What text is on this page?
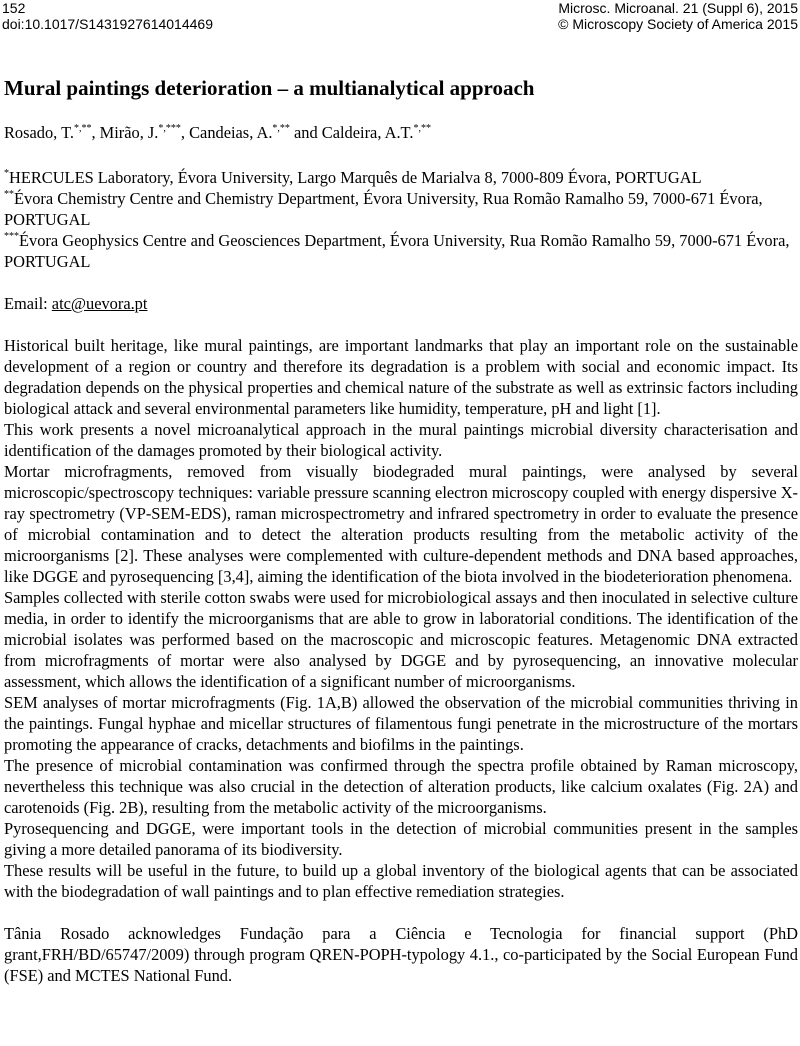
152
doi:10.1017/S1431927614014469
Microsc. Microanal. 21 (Suppl 6), 2015
© Microscopy Society of America 2015
Mural paintings deterioration – a multianalytical approach
Rosado, T.*,**, Mirão, J.*,***, Candeias, A.*,** and Caldeira, A.T.*,**
*HERCULES Laboratory, Évora University, Largo Marquês de Marialva 8, 7000-809 Évora, PORTUGAL
**Évora Chemistry Centre and Chemistry Department, Évora University, Rua Romão Ramalho 59, 7000-671 Évora, PORTUGAL
***Évora Geophysics Centre and Geosciences Department, Évora University, Rua Romão Ramalho 59, 7000-671 Évora, PORTUGAL
Email: atc@uevora.pt

Historical built heritage, like mural paintings, are important landmarks that play an important role on the sustainable development of a region or country and therefore its degradation is a problem with social and economic impact. Its degradation depends on the physical properties and chemical nature of the substrate as well as extrinsic factors including biological attack and several environmental parameters like humidity, temperature, pH and light [1].

This work presents a novel microanalytical approach in the mural paintings microbial diversity characterisation and identification of the damages promoted by their biological activity.

Mortar microfragments, removed from visually biodegraded mural paintings, were analysed by several microscopic/spectroscopy techniques: variable pressure scanning electron microscopy coupled with energy dispersive X-ray spectrometry (VP-SEM-EDS), raman microspectrometry and infrared spectrometry in order to evaluate the presence of microbial contamination and to detect the alteration products resulting from the metabolic activity of the microorganisms [2]. These analyses were complemented with culture-dependent methods and DNA based approaches, like DGGE and pyrosequencing [3,4], aiming the identification of the biota involved in the biodeterioration phenomena.

Samples collected with sterile cotton swabs were used for microbiological assays and then inoculated in selective culture media, in order to identify the microorganisms that are able to grow in laboratorial conditions. The identification of the microbial isolates was performed based on the macroscopic and microscopic features. Metagenomic DNA extracted from microfragments of mortar were also analysed by DGGE and by pyrosequencing, an innovative molecular assessment, which allows the identification of a significant number of microorganisms.

SEM analyses of mortar microfragments (Fig. 1A,B) allowed the observation of the microbial communities thriving in the paintings. Fungal hyphae and micellar structures of filamentous fungi penetrate in the microstructure of the mortars promoting the appearance of cracks, detachments and biofilms in the paintings.

The presence of microbial contamination was confirmed through the spectra profile obtained by Raman microscopy, nevertheless this technique was also crucial in the detection of alteration products, like calcium oxalates (Fig. 2A) and carotenoids (Fig. 2B), resulting from the metabolic activity of the microorganisms.

Pyrosequencing and DGGE, were important tools in the detection of microbial communities present in the samples giving a more detailed panorama of its biodiversity.

These results will be useful in the future, to build up a global inventory of the biological agents that can be associated with the biodegradation of wall paintings and to plan effective remediation strategies.

Tânia Rosado acknowledges Fundação para a Ciência e Tecnologia for financial support (PhD grant,FRH/BD/65747/2009) through program QREN-POPH-typology 4.1., co-participated by the Social European Fund (FSE) and MCTES National Fund.
